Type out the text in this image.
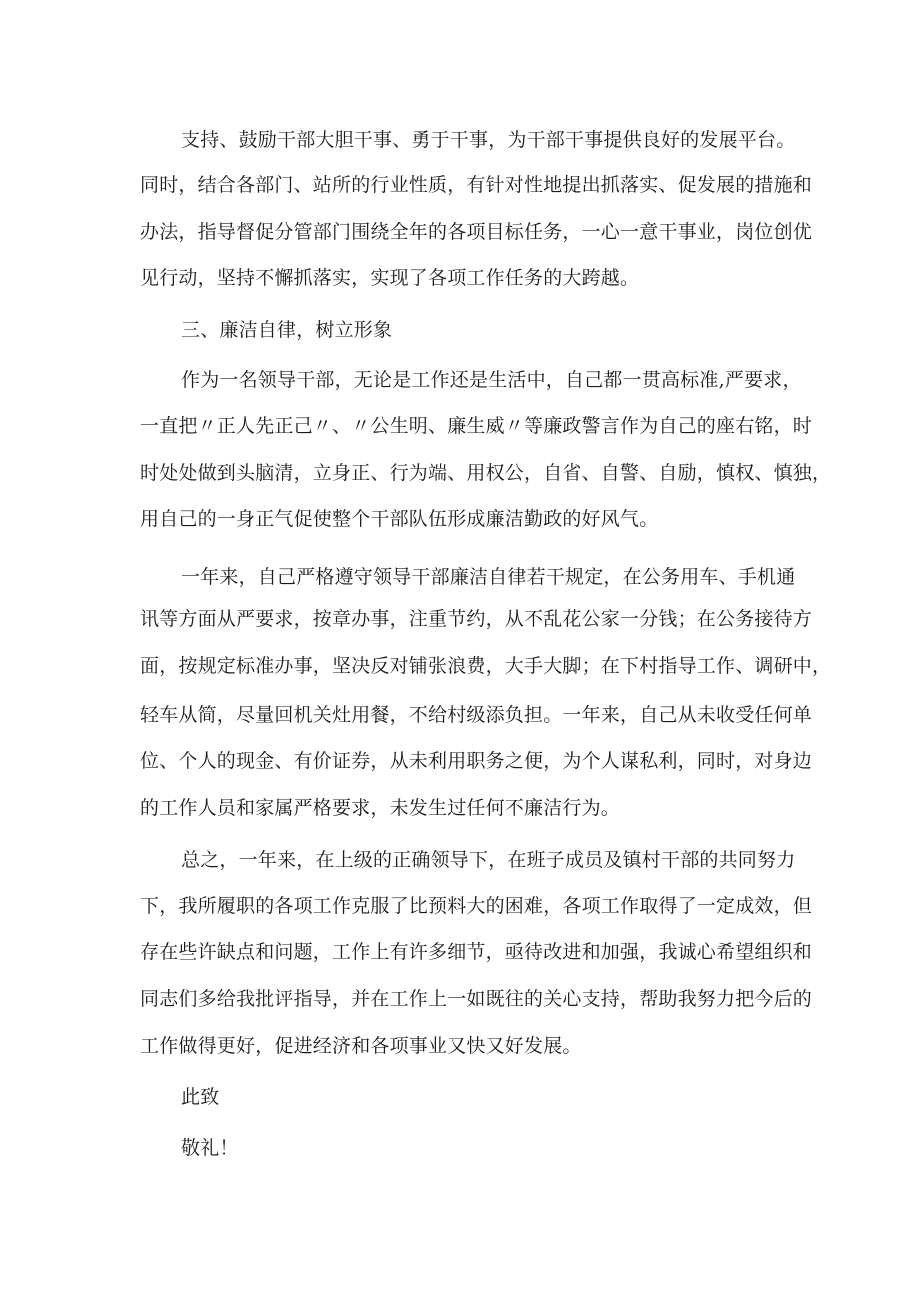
支持、鼓励干部大胆干事、勇于干事，为干部干事提供良好的发展平台。
同时，结合各部门、站所的行业性质，有针对性地提出抓落实、促发展的措施和
办法，指导督促分管部门围绕全年的各项目标任务，一心一意干事业，岗位创优
见行动，坚持不懈抓落实，实现了各项工作任务的大跨越。
三、廉洁自律，树立形象
作为一名领导干部，无论是工作还是生活中，自己都一贯高标准,严要求，
一直把〃正人先正己〃、〃公生明、廉生威〃等廉政警言作为自己的座右铭，时
时处处做到头脑清，立身正、行为端、用权公，自省、自警、自励，慎权、慎独，
用自己的一身正气促使整个干部队伍形成廉洁勤政的好风气。
一年来，自己严格遵守领导干部廉洁自律若干规定，在公务用车、手机通
讯等方面从严要求，按章办事，注重节约，从不乱花公家一分钱；在公务接待方
面，按规定标准办事，坚决反对铺张浪费，大手大脚；在下村指导工作、调研中，
轻车从简，尽量回机关灶用餐，不给村级添负担。一年来，自己从未收受任何单
位、个人的现金、有价证券，从未利用职务之便，为个人谋私利，同时，对身边
的工作人员和家属严格要求，未发生过任何不廉洁行为。
总之，一年来，在上级的正确领导下，在班子成员及镇村干部的共同努力
下，我所履职的各项工作克服了比预料大的困难，各项工作取得了一定成效，但
存在些许缺点和问题，工作上有许多细节，亟待改进和加强，我诚心希望组织和
同志们多给我批评指导，并在工作上一如既往的关心支持，帮助我努力把今后的
工作做得更好，促进经济和各项事业又快又好发展。
此致
敬礼！
